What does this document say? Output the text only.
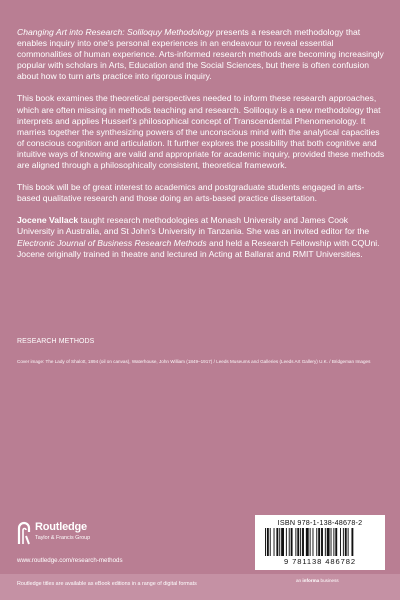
Changing Art into Research: Soliloquy Methodology presents a research methodology that enables inquiry into one’s personal experiences in an endeavour to reveal essential commonalities of human experience. Arts-informed research methods are becoming increasingly popular with scholars in Arts, Education and the Social Sciences, but there is often confusion about how to turn arts practice into rigorous inquiry.

This book examines the theoretical perspectives needed to inform these research approaches, which are often missing in methods teaching and research. Soliloquy is a new methodology that interprets and applies Husserl’s philosophical concept of Transcendental Phenomenology. It marries together the synthesizing powers of the unconscious mind with the analytical capacities of conscious cognition and articulation. It further explores the possibility that both cognitive and intuitive ways of knowing are valid and appropriate for academic inquiry, provided these methods are aligned through a philosophically consistent, theoretical framework.

This book will be of great interest to academics and postgraduate students engaged in arts-based qualitative research and those doing an arts-based practice dissertation.

Jocene Vallack taught research methodologies at Monash University and James Cook University in Australia, and St John’s University in Tanzania. She was an invited editor for the Electronic Journal of Business Research Methods and held a Research Fellowship with CQUni. Jocene originally trained in theatre and lectured in Acting at Ballarat and RMIT Universities.

RESEARCH METHODS
Cover image: The Lady of Shalott, 1894 (oil on canvas), Waterhouse, John William (1849–1917) / Leeds Museums and Galleries (Leeds Art Gallery) U.K. / Bridgeman Images
Routledge
Taylor & Francis Group
www.routledge.com/research-methods
ISBN 978-1-138-48678-2
9 781138 486782
Routledge titles are available as eBook editions in a range of digital formats
an informa business
